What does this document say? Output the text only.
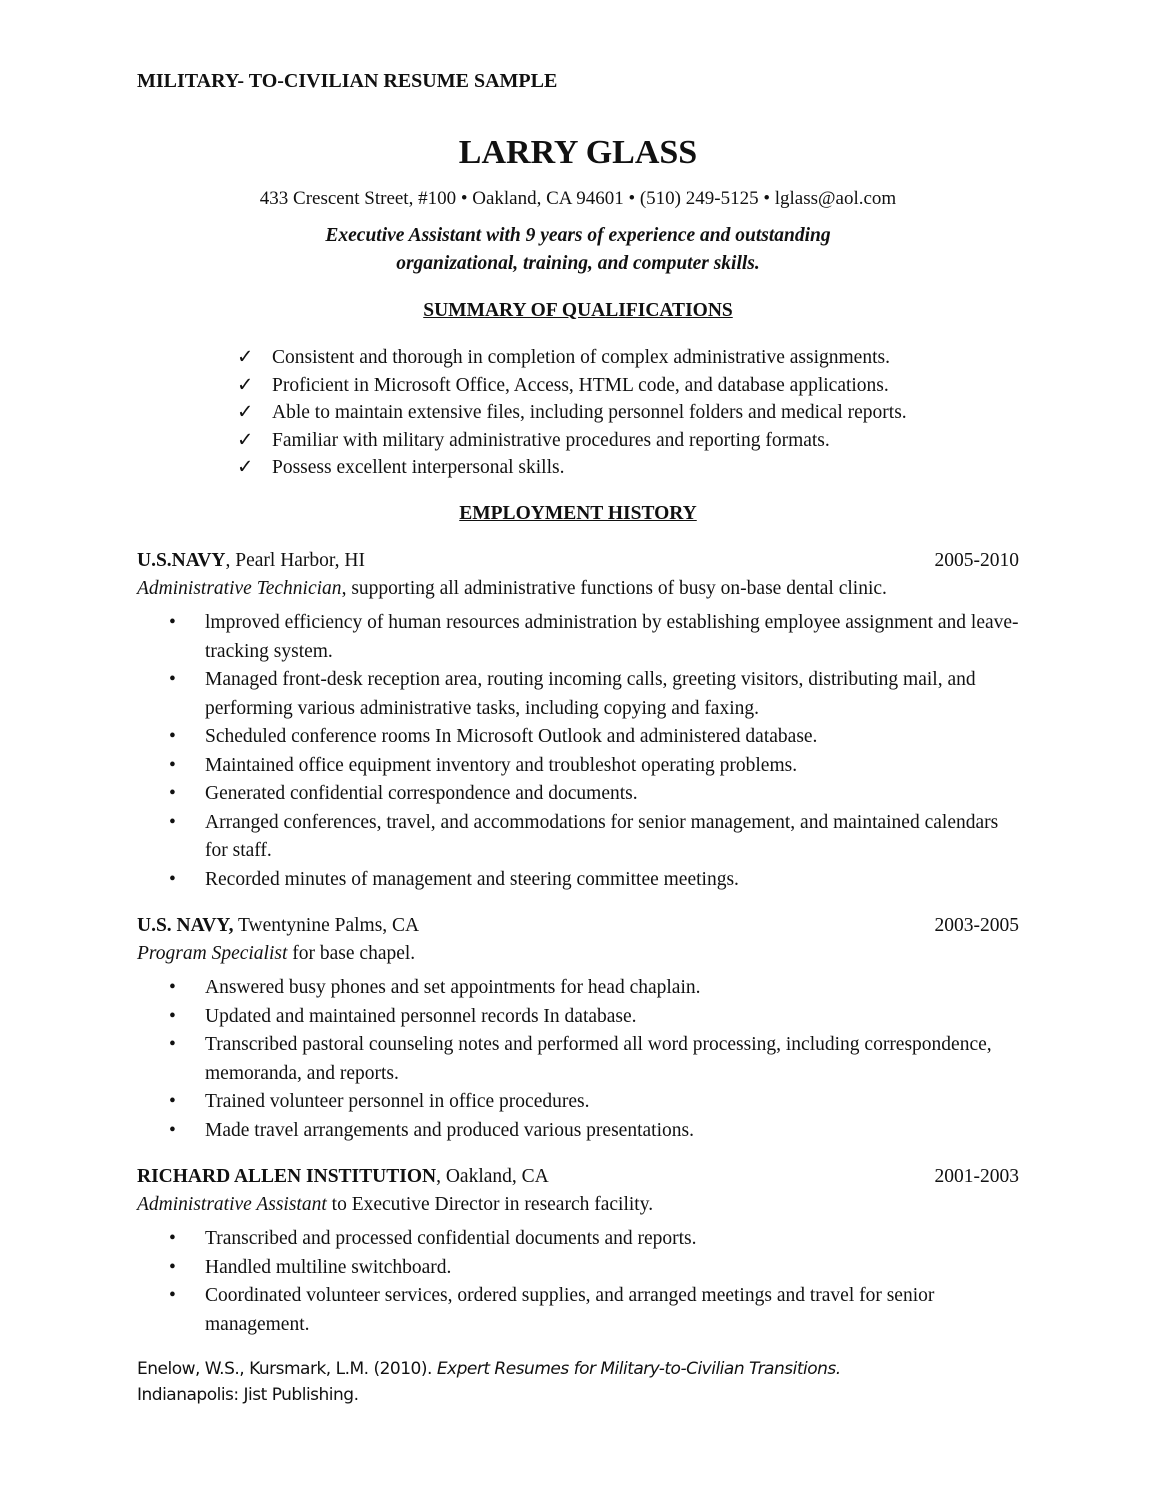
MILITARY- TO-CIVILIAN RESUME SAMPLE
LARRY GLASS
433 Crescent Street, #100 • Oakland, CA 94601 • (510) 249-5125 • lglass@aol.com
Executive Assistant with 9 years of experience and outstanding
organizational, training, and computer skills.
SUMMARY OF QUALIFICATIONS
✓ Consistent and thorough in completion of complex administrative assignments.
✓ Proficient in Microsoft Office, Access, HTML code, and database applications.
✓ Able to maintain extensive files, including personnel folders and medical reports.
✓ Familiar with military administrative procedures and reporting formats.
✓ Possess excellent interpersonal skills.
EMPLOYMENT HISTORY
U.S.NAVY, Pearl Harbor, HI	2005-2010
Administrative Technician, supporting all administrative functions of busy on-base dental clinic.
•	lmproved efficiency of human resources administration by establishing employee assignment and leave-tracking system.
•	Managed front-desk reception area, routing incoming calls, greeting visitors, distributing mail, and performing various administrative tasks, including copying and faxing.
•	Scheduled conference rooms In Microsoft Outlook and administered database.
•	Maintained office equipment inventory and troubleshot operating problems.
•	Generated confidential correspondence and documents.
•	Arranged conferences, travel, and accommodations for senior management, and maintained calendars for staff.
•	Recorded minutes of management and steering committee meetings.
U.S. NAVY, Twentynine Palms, CA	2003-2005
Program Specialist for base chapel.
•	Answered busy phones and set appointments for head chaplain.
•	Updated and maintained personnel records In database.
•	Transcribed pastoral counseling notes and performed all word processing, including correspondence, memoranda, and reports.
•	Trained volunteer personnel in office procedures.
•	Made travel arrangements and produced various presentations.
RICHARD ALLEN INSTITUTION, Oakland, CA	2001-2003
Administrative Assistant to Executive Director in research facility.
•	Transcribed and processed confidential documents and reports.
•	Handled multiline switchboard.
•	Coordinated volunteer services, ordered supplies, and arranged meetings and travel for senior management.
Enelow, W.S., Kursmark, L.M. (2010). Expert Resumes for Military-to-Civilian Transitions.
Indianapolis: Jist Publishing.
